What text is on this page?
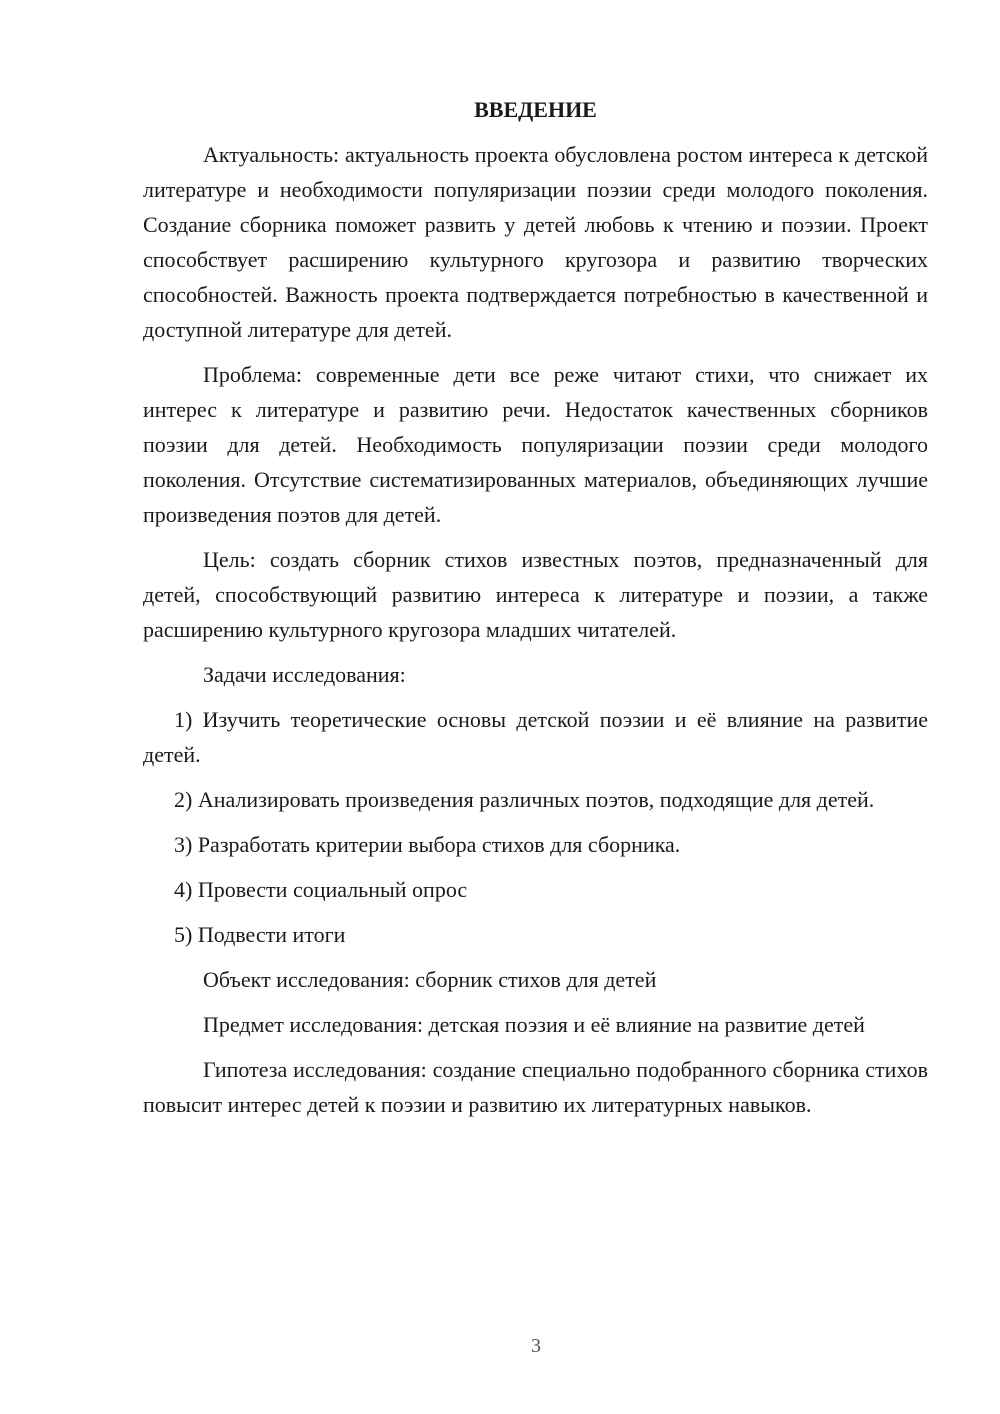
ВВЕДЕНИЕ
Актуальность: актуальность проекта обусловлена ростом интереса к детской литературе и необходимости популяризации поэзии среди молодого поколения. Создание сборника поможет развить у детей любовь к чтению и поэзии. Проект способствует расширению культурного кругозора и развитию творческих способностей. Важность проекта подтверждается потребностью в качественной и доступной литературе для детей.
Проблема: современные дети все реже читают стихи, что снижает их интерес к литературе и развитию речи. Недостаток качественных сборников поэзии для детей. Необходимость популяризации поэзии среди молодого поколения. Отсутствие систематизированных материалов, объединяющих лучшие произведения поэтов для детей.
Цель: создать сборник стихов известных поэтов, предназначенный для детей, способствующий развитию интереса к литературе и поэзии, а также расширению культурного кругозора младших читателей.
Задачи исследования:
1) Изучить теоретические основы детской поэзии и её влияние на развитие детей.
2) Анализировать произведения различных поэтов, подходящие для детей.
3) Разработать критерии выбора стихов для сборника.
4) Провести социальный опрос
5) Подвести итоги
Объект исследования: сборник стихов для детей
Предмет исследования: детская поэзия и её влияние на развитие детей
Гипотеза исследования: создание специально подобранного сборника стихов повысит интерес детей к поэзии и развитию их литературных навыков.
3
